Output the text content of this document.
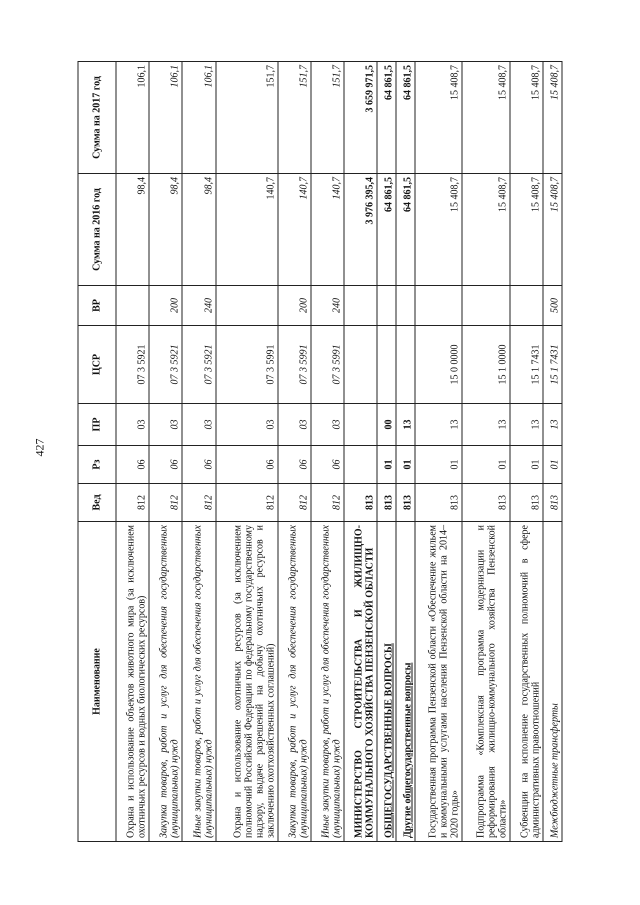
427
Наименование	Вед	Рз	ПР	ЦСР	ВР	Сумма на 2016 год	Сумма на 2017 год
Охрана и использование объектов животного мира (за исключением охотничьих ресурсов и водных биологических ресурсов)	812	06	03	07 3 5921		98,4	106,1
Закупка товаров, работ и услуг для обеспечения государственных (муниципальных) нужд	812	06	03	07 3 5921	200	98,4	106,1
Иные закупки товаров, работ и услуг для обеспечения государственных (муниципальных) нужд	812	06	03	07 3 5921	240	98,4	106,1
Охрана и использование охотничьих ресурсов (за исключением полномочий Российской Федерации по федеральному государственному надзору, выдаче разрешений на добычу охотничьих ресурсов и заключению охотхозяйственных соглашений)	812	06	03	07 3 5991		140,7	151,7
Закупка товаров, работ и услуг для обеспечения государственных (муниципальных) нужд	812	06	03	07 3 5991	200	140,7	151,7
Иные закупки товаров, работ и услуг для обеспечения государственных (муниципальных) нужд	812	06	03	07 3 5991	240	140,7	151,7
МИНИСТЕРСТВО СТРОИТЕЛЬСТВА И ЖИЛИЩНО-КОММУНАЛЬНОГО ХОЗЯЙСТВА ПЕНЗЕНСКОЙ ОБЛАСТИ	813					3 976 395,4	3 659 971,5
ОБЩЕГОСУДАРСТВЕННЫЕ ВОПРОСЫ	813	01	00			64 861,5	64 861,5
Другие общегосударственные вопросы	813	01	13			64 861,5	64 861,5
Государственная программа Пензенской области «Обеспечение жильем и коммунальными услугами населения Пензенской области на 2014–2020 годы»	813	01	13	15 0 0000		15 408,7	15 408,7
Подпрограмма «Комплексная программа модернизации и реформирования жилищно-коммунального хозяйства Пензенской области»	813	01	13	15 1 0000		15 408,7	15 408,7
Субвенции на исполнение государственных полномочий в сфере административных правоотношений	813	01	13	15 1 7431		15 408,7	15 408,7
Межбюджетные трансферты	813	01	13	15 1 7431	500	15 408,7	15 408,7
